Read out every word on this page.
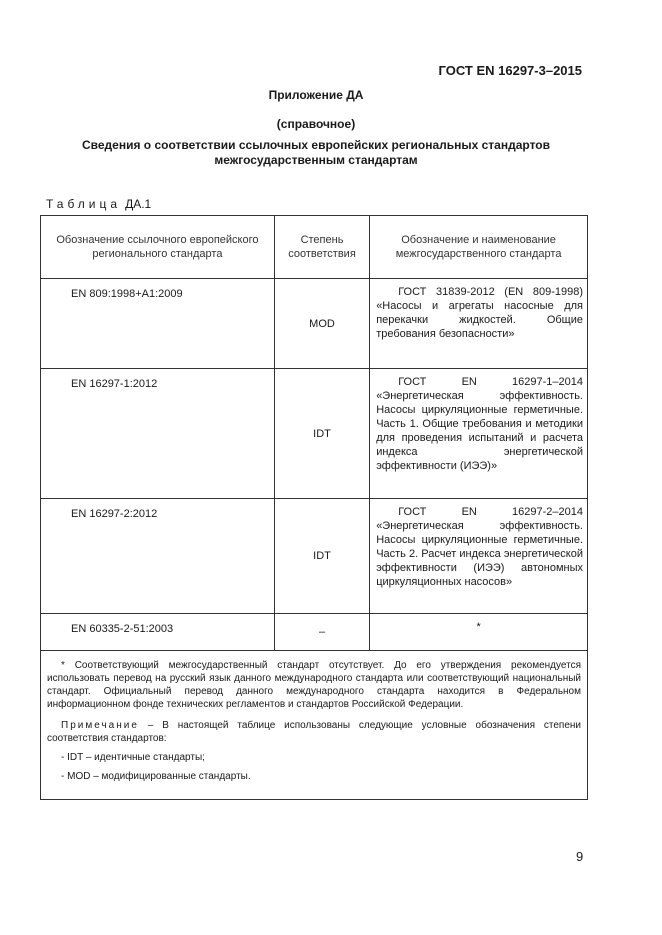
ГОСТ EN 16297-3–2015
Приложение ДА
(справочное)
Сведения о соответствии ссылочных европейских региональных стандартов
межгосударственным стандартам
Таблица ДА.1
Обозначение ссылочного европейского регионального стандарта	Степень соответствия	Обозначение и наименование межгосударственного стандарта
EN 809:1998+A1:2009	MOD	ГОСТ 31839-2012 (EN 809-1998) «Насосы и агрегаты насосные для перекачки жидкостей. Общие требования безопасности»
EN 16297-1:2012	IDT	ГОСТ EN 16297-1–2014 «Энергетическая эффективность. Насосы циркуляционные герметичные. Часть 1. Общие требования и методики для проведения испытаний и расчета индекса энергетической эффективности (ИЭЭ)»
EN 16297-2:2012	IDT	ГОСТ EN 16297-2–2014 «Энергетическая эффективность. Насосы циркуляционные герметичные. Часть 2. Расчет индекса энергетической эффективности (ИЭЭ) автономных циркуляционных насосов»
EN 60335-2-51:2003	–	*

* Соответствующий межгосударственный стандарт отсутствует. До его утверждения рекомендуется использовать перевод на русский язык данного международного стандарта или соответствующий национальный стандарт. Официальный перевод данного международного стандарта находится в Федеральном информационном фонде технических регламентов и стандартов Российской Федерации.

Примечание – В настоящей таблице использованы следующие условные обозначения степени соответствия стандартов:

- IDT – идентичные стандарты;

- MOD – модифицированные стандарты.		

9
